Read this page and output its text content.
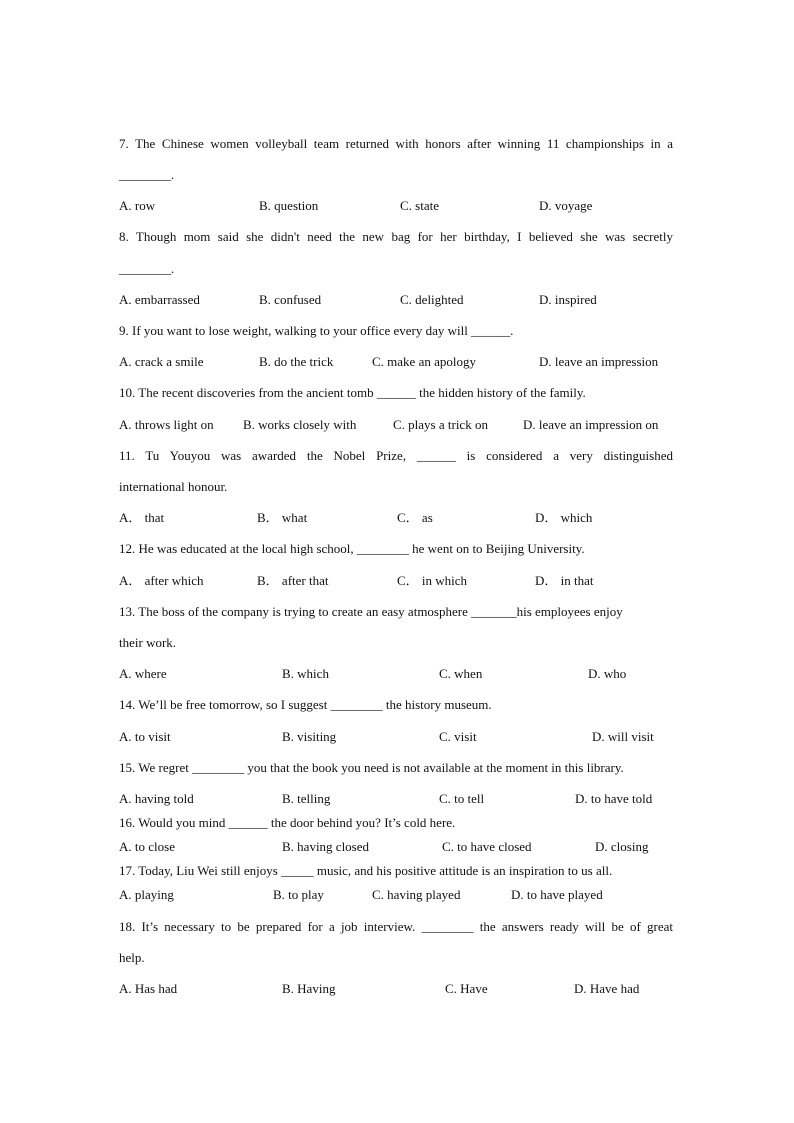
7. The Chinese women volleyball team returned with honors after winning 11 championships in a
________.
A. row	B. question	C. state	D. voyage
8. Though mom said she didn't need the new bag for her birthday, I believed she was secretly
________.
A. embarrassed	B. confused	C. delighted	D. inspired
9. If you want to lose weight, walking to your office every day will ______.
A. crack a smile	B. do the trick	C. make an apology	D. leave an impression
10. The recent discoveries from the ancient tomb ______ the hidden history of the family.
A. throws light on B. works closely with	C. plays a trick on	D. leave an impression on
11. Tu Youyou was awarded the Nobel Prize, ______ is considered a very distinguished
international honour.
A． that	B． what	C． as	D． which
12. He was educated at the local high school, ________ he went on to Beijing University.
A． after which	B． after that	C． in which	D． in that
13. The boss of the company is trying to create an easy atmosphere _______his employees enjoy
their work.
A. where	B. which	C. when	D. who
14. We’ll be free tomorrow, so I suggest ________ the history museum.
A. to visit	B. visiting	C. visit	D. will visit
15. We regret ________ you that the book you need is not available at the moment in this library.
A. having told	B. telling	C. to tell	D. to have told
16. Would you mind ______ the door behind you? It’s cold here.
A. to close	B. having closed	C. to have closed	D. closing
17. Today, Liu Wei still enjoys _____ music, and his positive attitude is an inspiration to us all.
A. playing	B. to play	C. having played	D. to have played
18. It’s necessary to be prepared for a job interview. ________ the answers ready will be of great
help.
A. Has had	B. Having	C. Have	D. Have had
